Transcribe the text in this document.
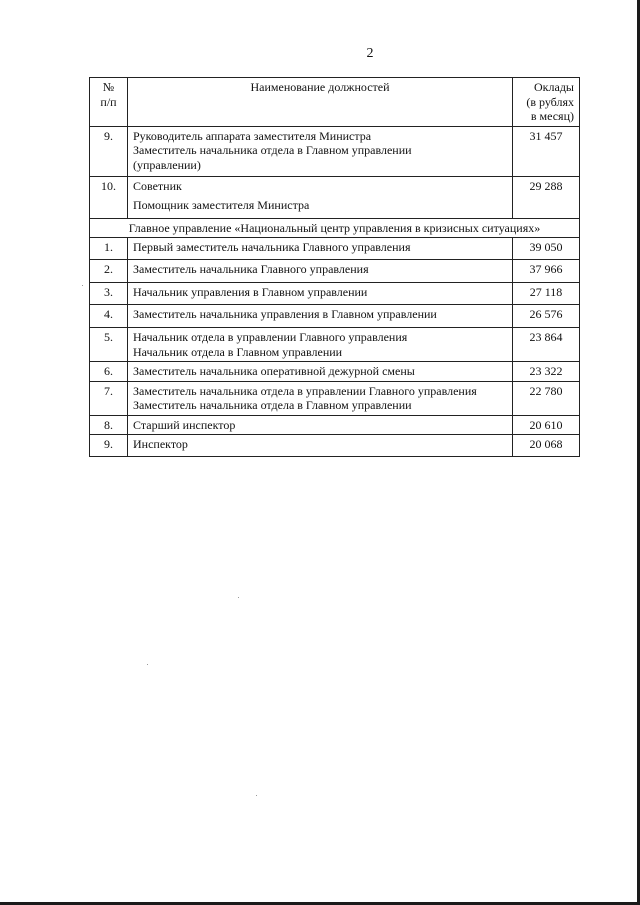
2
№
п/п	Наименование должностей	Оклады
(в рублях
в месяц)

9.	Руководитель аппарата заместителя Министра
Заместитель начальника отдела в Главном управлении
(управлении)	31 457
10.	Советник
Помощник заместителя Министра	29 288
Главное управление «Национальный центр управления в кризисных ситуациях»		
1.	Первый заместитель начальника Главного управления	39 050
2.	Заместитель начальника Главного управления	37 966
3.	Начальник управления в Главном управлении	27 118
4.	Заместитель начальника управления в Главном управлении	26 576
5.	Начальник отдела в управлении Главного управления
Начальник отдела в Главном управлении	23 864
6.	Заместитель начальника оперативной дежурной смены	23 322
7.	Заместитель начальника отдела в управлении Главного управления
Заместитель начальника отдела в Главном управлении	22 780
8.	Старший инспектор	20 610
9.	Инспектор	20 068
